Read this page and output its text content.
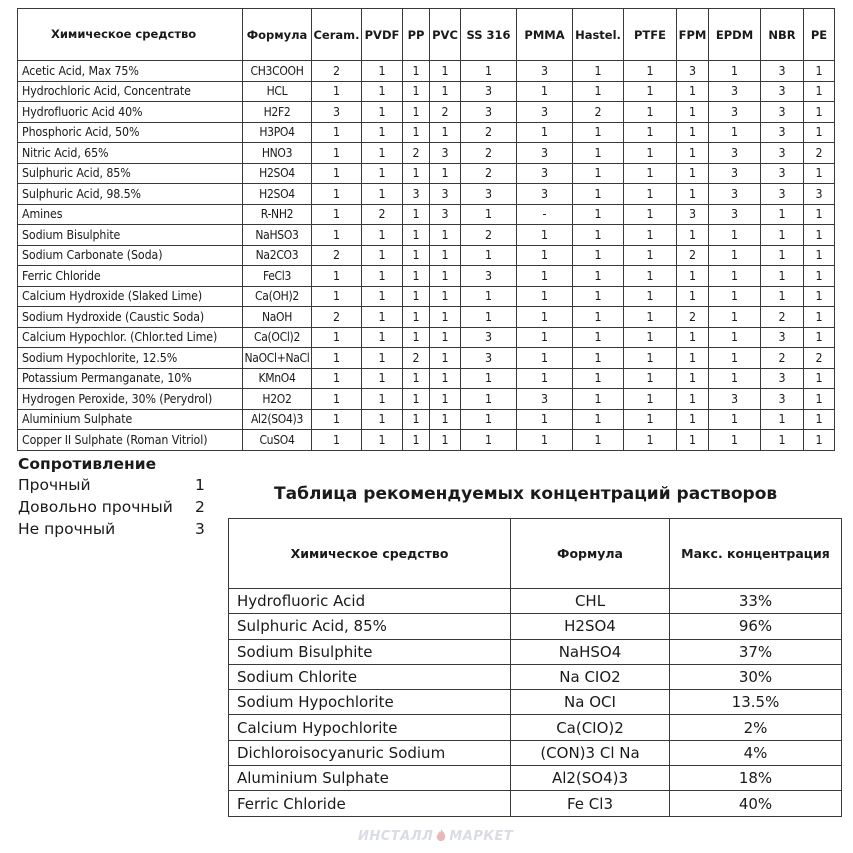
Химическое средство	Формула	Ceram.	PVDF	PP	PVC	SS 316	PMMA	Hastel.	PTFE	FPM	EPDM	NBR	PE
Acetic Acid, Max 75%	CH3COOH	2	1	1	1	1	3	1	1	3	1	3	1
Hydrochloric Acid, Concentrate	HCL	1	1	1	1	3	1	1	1	1	3	3	1
Hydrofluoric Acid 40%	H2F2	3	1	1	2	3	3	2	1	1	3	3	1
Phosphoric Acid, 50%	H3PO4	1	1	1	1	2	1	1	1	1	1	3	1
Nitric Acid, 65%	HNO3	1	1	2	3	2	3	1	1	1	3	3	2
Sulphuric Acid, 85%	H2SO4	1	1	1	1	2	3	1	1	1	3	3	1
Sulphuric Acid, 98.5%	H2SO4	1	1	3	3	3	3	1	1	1	3	3	3
Amines	R-NH2	1	2	1	3	1	-	1	1	3	3	1	1
Sodium Bisulphite	NaHSO3	1	1	1	1	2	1	1	1	1	1	1	1
Sodium Carbonate (Soda)	Na2CO3	2	1	1	1	1	1	1	1	2	1	1	1
Ferric Chloride	FeCl3	1	1	1	1	3	1	1	1	1	1	1	1
Calcium Hydroxide (Slaked Lime)	Ca(OH)2	1	1	1	1	1	1	1	1	1	1	1	1
Sodium Hydroxide (Caustic Soda)	NaOH	2	1	1	1	1	1	1	1	2	1	2	1
Calcium Hypochlor. (Chlor.ted Lime)	Ca(OCl)2	1	1	1	1	3	1	1	1	1	1	3	1
Sodium Hypochlorite, 12.5%	NaOCl+NaCl	1	1	2	1	3	1	1	1	1	1	2	2
Potassium Permanganate, 10%	KMnO4	1	1	1	1	1	1	1	1	1	1	3	1
Hydrogen Peroxide, 30% (Perydrol)	H2O2	1	1	1	1	1	3	1	1	1	3	3	1
Aluminium Sulphate	Al2(SO4)3	1	1	1	1	1	1	1	1	1	1	1	1
Copper II Sulphate (Roman Vitriol)	CuSO4	1	1	1	1	1	1	1	1	1	1	1	1
Сопротивление
Прочный	1
Довольно прочный 2
Не прочный	3
Таблица рекомендуемых концентраций растворов
Химическое средство	Формула	Макс. концентрация
Hydrofluoric Acid	CHL	33%
Sulphuric Acid, 85%	H2SO4	96%
Sodium Bisulphite	NaHSO4	37%
Sodium Chlorite	Na CIO2	30%
Sodium Hypochlorite	Na OCI	13.5%
Calcium Hypochlorite	Ca(CIO)2	2%
Dichloroisocyanuric Sodium	(CON)3 Cl Na	4%
Aluminium Sulphate	Al2(SO4)3	18%
Ferric Chloride	Fe Cl3	40%
ИНСТАЛЛ МАРКЕТ
